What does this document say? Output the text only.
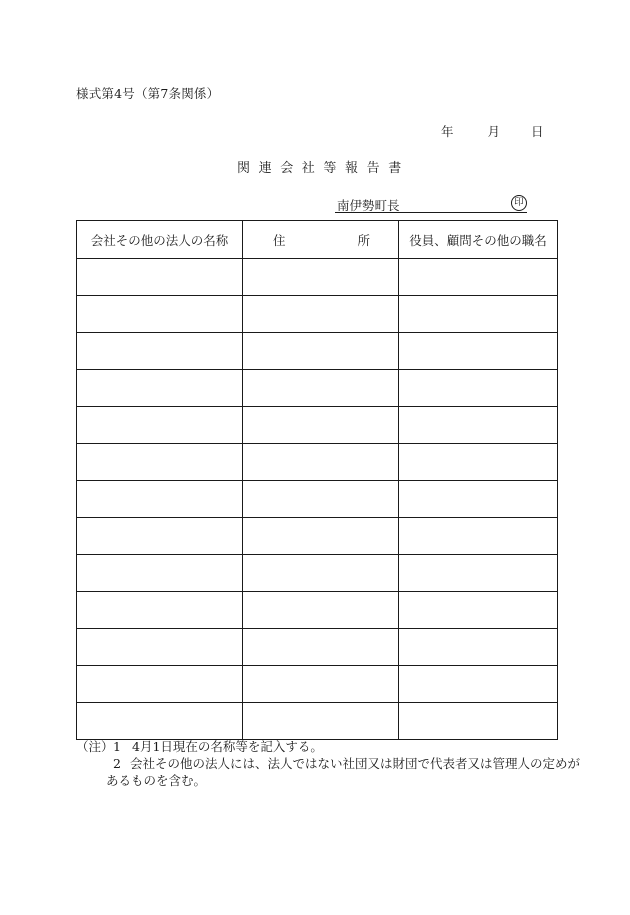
様式第4号（第7条関係）
年	月 日
関連会社等報告書
南伊勢町長	印
会社その他の法人の名称	住 所	役員、顧問その他の職名

（注） 1 4月1日現在の名称等を記入する。
2 会社その他の法人には、法人ではない社団又は財団で代表者又は管理人の定めが
あるものを含む。
